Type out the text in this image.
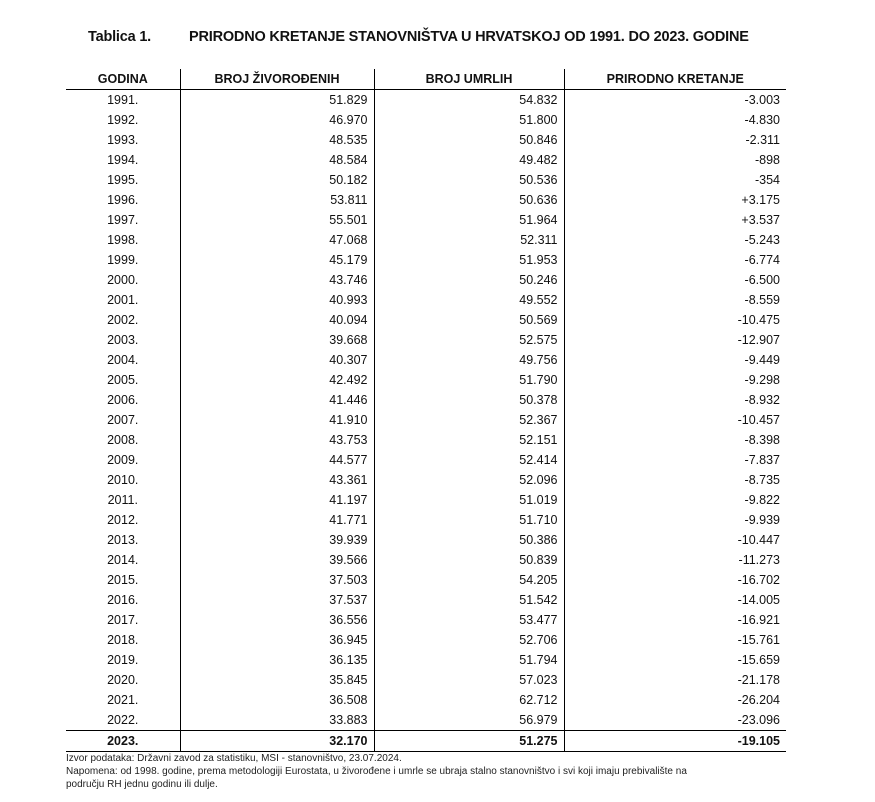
Tablica 1.	PRIRODNO KRETANJE STANOVNIŠTVA U HRVATSKOJ OD 1991. DO 2023. GODINE
GODINA	BROJ ŽIVOROĐENIH	BROJ UMRLIH	PRIRODNO KRETANJE
1991.	51.829	54.832	-3.003
1992.	46.970	51.800	-4.830
1993.	48.535	50.846	-2.311
1994.	48.584	49.482	-898
1995.	50.182	50.536	-354
1996.	53.811	50.636	+3.175
1997.	55.501	51.964	+3.537
1998.	47.068	52.311	-5.243
1999.	45.179	51.953	-6.774
2000.	43.746	50.246	-6.500
2001.	40.993	49.552	-8.559
2002.	40.094	50.569	-10.475
2003.	39.668	52.575	-12.907
2004.	40.307	49.756	-9.449
2005.	42.492	51.790	-9.298
2006.	41.446	50.378	-8.932
2007.	41.910	52.367	-10.457
2008.	43.753	52.151	-8.398
2009.	44.577	52.414	-7.837
2010.	43.361	52.096	-8.735
2011.	41.197	51.019	-9.822
2012.	41.771	51.710	-9.939
2013.	39.939	50.386	-10.447
2014.	39.566	50.839	-11.273
2015.	37.503	54.205	-16.702
2016.	37.537	51.542	-14.005
2017.	36.556	53.477	-16.921
2018.	36.945	52.706	-15.761
2019.	36.135	51.794	-15.659
2020.	35.845	57.023	-21.178
2021.	36.508	62.712	-26.204
2022.	33.883	56.979	-23.096
2023.	32.170	51.275	-19.105
Izvor podataka: Državni zavod za statistiku, MSI - stanovništvo, 23.07.2024.
Napomena: od 1998. godine, prema metodologiji Eurostata, u živorođene i umrle se ubraja stalno stanovništvo i svi koji imaju prebivalište na
području RH jednu godinu ili dulje.
